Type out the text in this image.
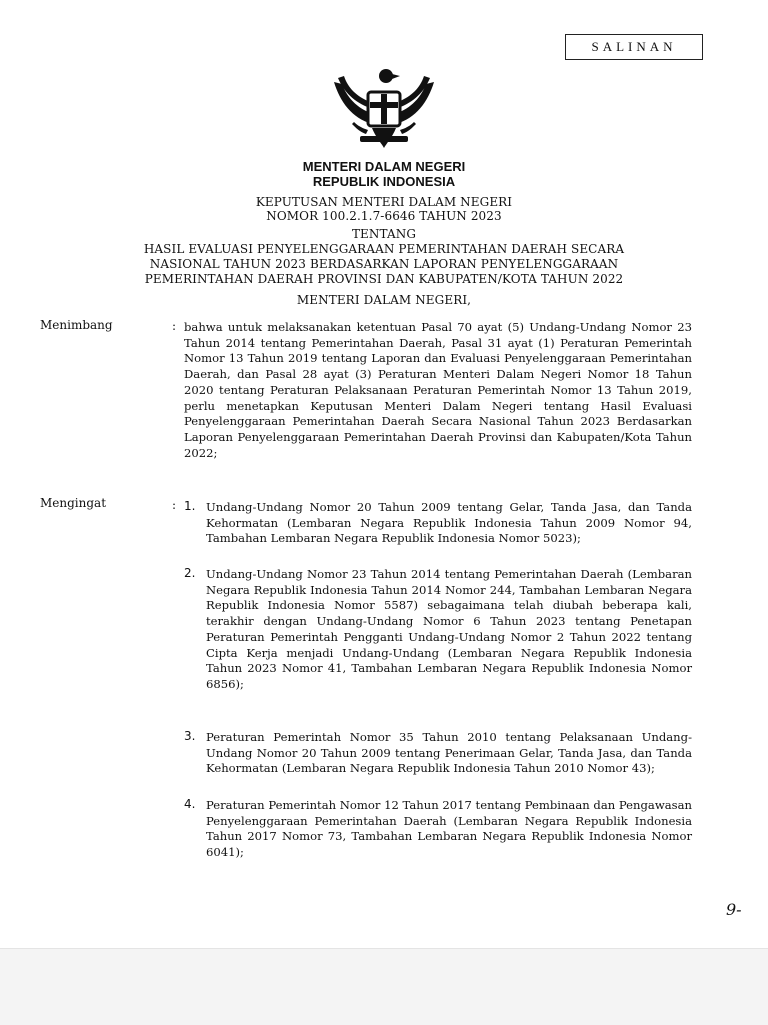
SALINAN
MENTERI DALAM NEGERI
REPUBLIK INDONESIA
KEPUTUSAN MENTERI DALAM NEGERI
NOMOR 100.2.1.7-6646 TAHUN 2023
TENTANG
HASIL EVALUASI PENYELENGGARAAN PEMERINTAHAN DAERAH SECARA
NASIONAL TAHUN 2023 BERDASARKAN LAPORAN PENYELENGGARAAN
PEMERINTAHAN DAERAH PROVINSI DAN KABUPATEN/KOTA TAHUN 2022
MENTERI DALAM NEGERI,
Menimbang	: bahwa untuk melaksanakan ketentuan Pasal 70 ayat (5) Undang-Undang Nomor 23 Tahun 2014 tentang Pemerintahan Daerah, Pasal 31 ayat (1) Peraturan Pemerintah Nomor 13 Tahun 2019 tentang Laporan dan Evaluasi Penyelenggaraan Pemerintahan Daerah, dan Pasal 28 ayat (3) Peraturan Menteri Dalam Negeri Nomor 18 Tahun 2020 tentang Peraturan Pelaksanaan Peraturan Pemerintah Nomor 13 Tahun 2019, perlu menetapkan Keputusan Menteri Dalam Negeri tentang Hasil Evaluasi Penyelenggaraan Pemerintahan Daerah Secara Nasional Tahun 2023 Berdasarkan Laporan Penyelenggaraan Pemerintahan Daerah Provinsi dan Kabupaten/Kota Tahun 2022;
Mengingat	: 1. Undang-Undang Nomor 20 Tahun 2009 tentang Gelar, Tanda Jasa, dan Tanda Kehormatan (Lembaran Negara Republik Indonesia Tahun 2009 Nomor 94, Tambahan Lembaran Negara Republik Indonesia Nomor 5023);
2. Undang-Undang Nomor 23 Tahun 2014 tentang Pemerintahan Daerah (Lembaran Negara Republik Indonesia Tahun 2014 Nomor 244, Tambahan Lembaran Negara Republik Indonesia Nomor 5587) sebagaimana telah diubah beberapa kali, terakhir dengan Undang-Undang Nomor 6 Tahun 2023 tentang Penetapan Peraturan Pemerintah Pengganti Undang-Undang Nomor 2 Tahun 2022 tentang Cipta Kerja menjadi Undang-Undang (Lembaran Negara Republik Indonesia Tahun 2023 Nomor 41, Tambahan Lembaran Negara Republik Indonesia Nomor 6856);
3. Peraturan Pemerintah Nomor 35 Tahun 2010 tentang Pelaksanaan Undang-Undang Nomor 20 Tahun 2009 tentang Penerimaan Gelar, Tanda Jasa, dan Tanda Kehormatan (Lembaran Negara Republik Indonesia Tahun 2010 Nomor 43);
4. Peraturan Pemerintah Nomor 12 Tahun 2017 tentang Pembinaan dan Pengawasan Penyelenggaraan Pemerintahan Daerah (Lembaran Negara Republik Indonesia Tahun 2017 Nomor 73, Tambahan Lembaran Negara Republik Indonesia Nomor 6041);
9-
